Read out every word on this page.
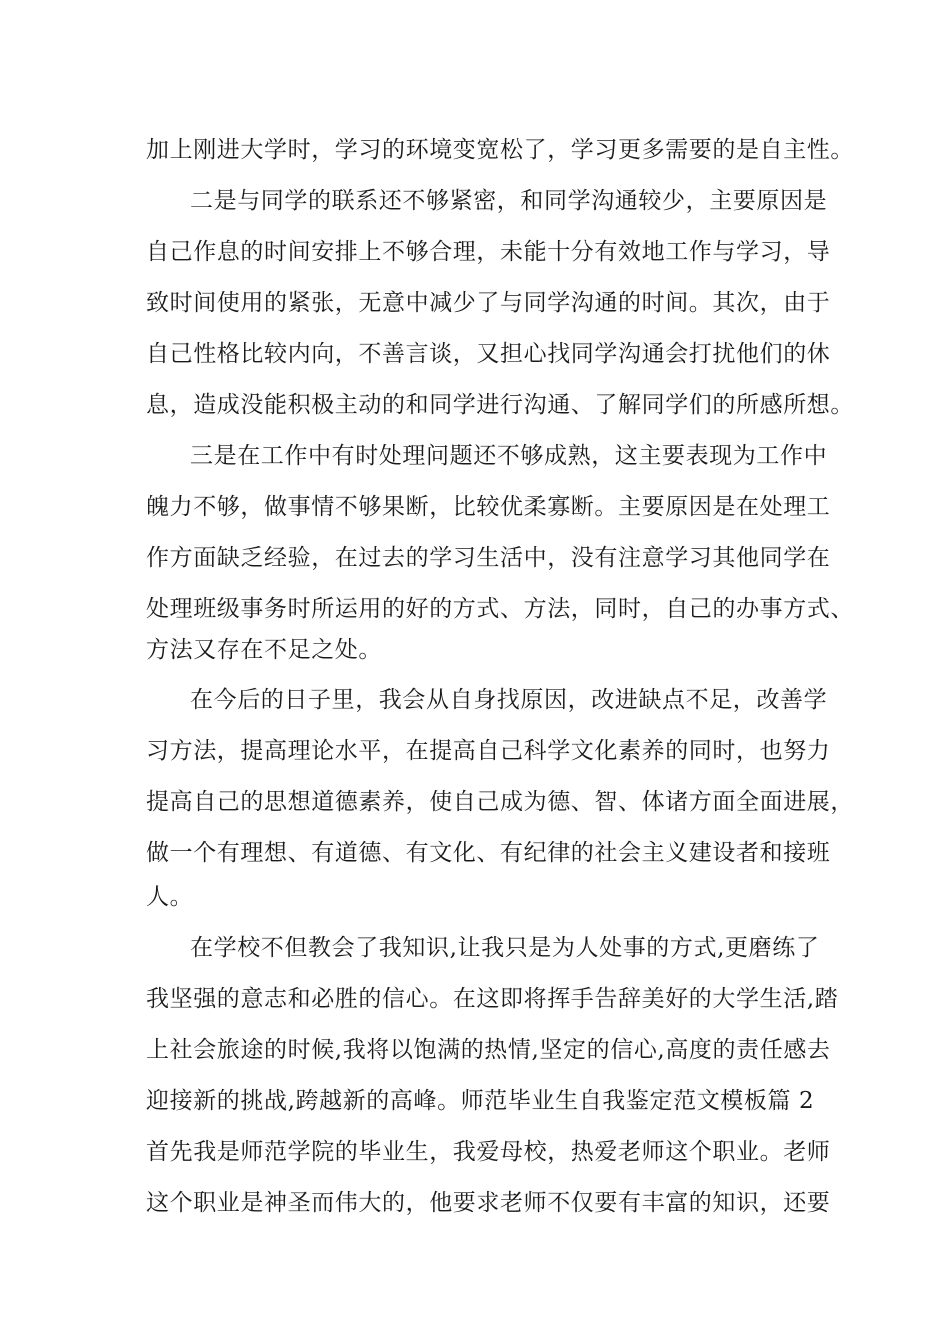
加上刚进大学时，学习的环境变宽松了，学习更多需要的是自主性。
二是与同学的联系还不够紧密，和同学沟通较少，主要原因是
自己作息的时间安排上不够合理，未能十分有效地工作与学习，导
致时间使用的紧张，无意中减少了与同学沟通的时间。其次，由于
自己性格比较内向，不善言谈，又担心找同学沟通会打扰他们的休
息，造成没能积极主动的和同学进行沟通、了解同学们的所感所想。
三是在工作中有时处理问题还不够成熟，这主要表现为工作中
魄力不够，做事情不够果断，比较优柔寡断。主要原因是在处理工
作方面缺乏经验，在过去的学习生活中，没有注意学习其他同学在
处理班级事务时所运用的好的方式、方法，同时，自己的办事方式、
方法又存在不足之处。
在今后的日子里，我会从自身找原因，改进缺点不足，改善学
习方法，提高理论水平，在提高自己科学文化素养的同时，也努力
提高自己的思想道德素养，使自己成为德、智、体诸方面全面进展，
做一个有理想、有道德、有文化、有纪律的社会主义建设者和接班
人。
在学校不但教会了我知识,让我只是为人处事的方式,更磨练了
我坚强的意志和必胜的信心。在这即将挥手告辞美好的大学生活,踏
上社会旅途的时候,我将以饱满的热情,坚定的信心,高度的责任感去
迎接新的挑战,跨越新的高峰。师范毕业生自我鉴定范文模板篇 2
首先我是师范学院的毕业生，我爱母校，热爱老师这个职业。老师
这个职业是神圣而伟大的，他要求老师不仅要有丰富的知识，还要
